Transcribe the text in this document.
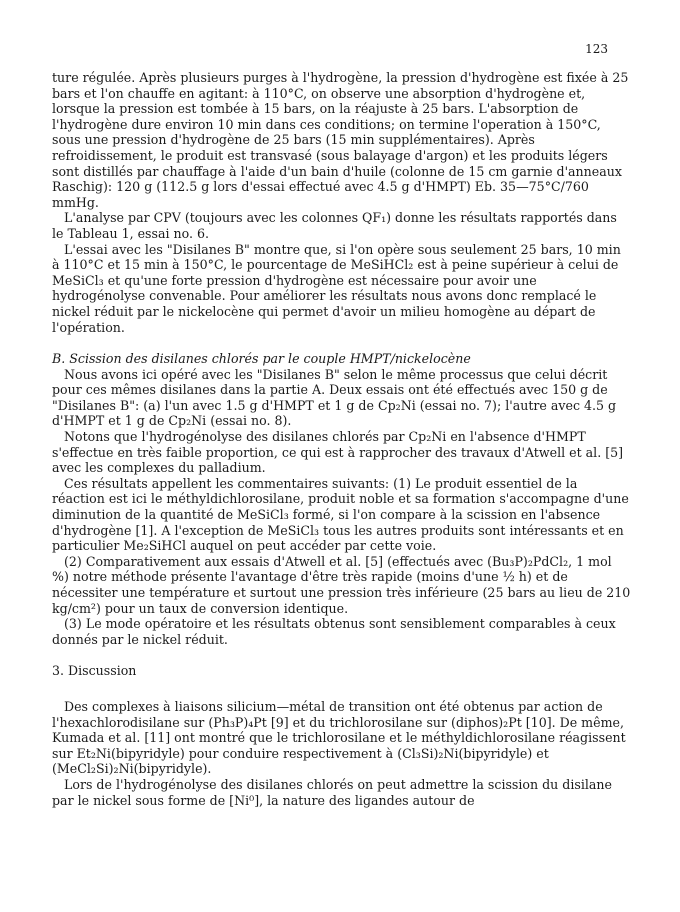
123

ture régulée. Après plusieurs purges à l'hydrogène, la pression d'hydrogène est fixée à 25 bars et l'on chauffe en agitant: à 110°C, on observe une absorption d'hydrogène et, lorsque la pression est tombée à 15 bars, on la réajuste à 25 bars. L'absorption de l'hydrogène dure environ 10 min dans ces conditions; on termine l'operation à 150°C, sous une pression d'hydrogène de 25 bars (15 min supplémentaires). Après refroidissement, le produit est transvasé (sous balayage d'argon) et les produits légers sont distillés par chauffage à l'aide d'un bain d'huile (colonne de 15 cm garnie d'anneaux Raschig): 120 g (112.5 g lors d'essai effectué avec 4.5 g d'HMPT) Eb. 35—75°C/760 mmHg.

L'analyse par CPV (toujours avec les colonnes QF₁) donne les résultats rapportés dans le Tableau 1, essai no. 6.

L'essai avec les "Disilanes B" montre que, si l'on opère sous seulement 25 bars, 10 min à 110°C et 15 min à 150°C, le pourcentage de MeSiHCl₂ est à peine supérieur à celui de MeSiCl₃ et qu'une forte pression d'hydrogène est nécessaire pour avoir une hydrogénolyse convenable. Pour améliorer les résultats nous avons donc remplacé le nickel réduit par le nickelocène qui permet d'avoir un milieu homogène au départ de l'opération.

B. Scission des disilanes chlorés par le couple HMPT/nickelocène

Nous avons ici opéré avec les "Disilanes B" selon le même processus que celui décrit pour ces mêmes disilanes dans la partie A. Deux essais ont été effectués avec 150 g de "Disilanes B": (a) l'un avec 1.5 g d'HMPT et 1 g de Cp₂Ni (essai no. 7); l'autre avec 4.5 g d'HMPT et 1 g de Cp₂Ni (essai no. 8).

Notons que l'hydrogénolyse des disilanes chlorés par Cp₂Ni en l'absence d'HMPT s'effectue en très faible proportion, ce qui est à rapprocher des travaux d'Atwell et al. [5] avec les complexes du palladium.

Ces résultats appellent les commentaires suivants: (1) Le produit essentiel de la réaction est ici le méthyldichlorosilane, produit noble et sa formation s'accompagne d'une diminution de la quantité de MeSiCl₃ formé, si l'on compare à la scission en l'absence d'hydrogène [1]. A l'exception de MeSiCl₃ tous les autres produits sont intéressants et en particulier Me₂SiHCl auquel on peut accéder par cette voie.

(2) Comparativement aux essais d'Atwell et al. [5] (effectués avec (Bu₃P)₂PdCl₂, 1 mol %) notre méthode présente l'avantage d'être très rapide (moins d'une ½ h) et de nécessiter une température et surtout une pression très inférieure (25 bars au lieu de 210 kg/cm²) pour un taux de conversion identique.

(3) Le mode opératoire et les résultats obtenus sont sensiblement comparables à ceux donnés par le nickel réduit.

3. Discussion

Des complexes à liaisons silicium—métal de transition ont été obtenus par action de l'hexachlorodisilane sur (Ph₃P)₄Pt [9] et du trichlorosilane sur (diphos)₂Pt [10]. De même, Kumada et al. [11] ont montré que le trichlorosilane et le méthyldichlorosilane réagissent sur Et₂Ni(bipyridyle) pour conduire respectivement à (Cl₃Si)₂Ni(bipyridyle) et (MeCl₂Si)₂Ni(bipyridyle).

Lors de l'hydrogénolyse des disilanes chlorés on peut admettre la scission du disilane par le nickel sous forme de [Ni⁰], la nature des ligandes autour de
